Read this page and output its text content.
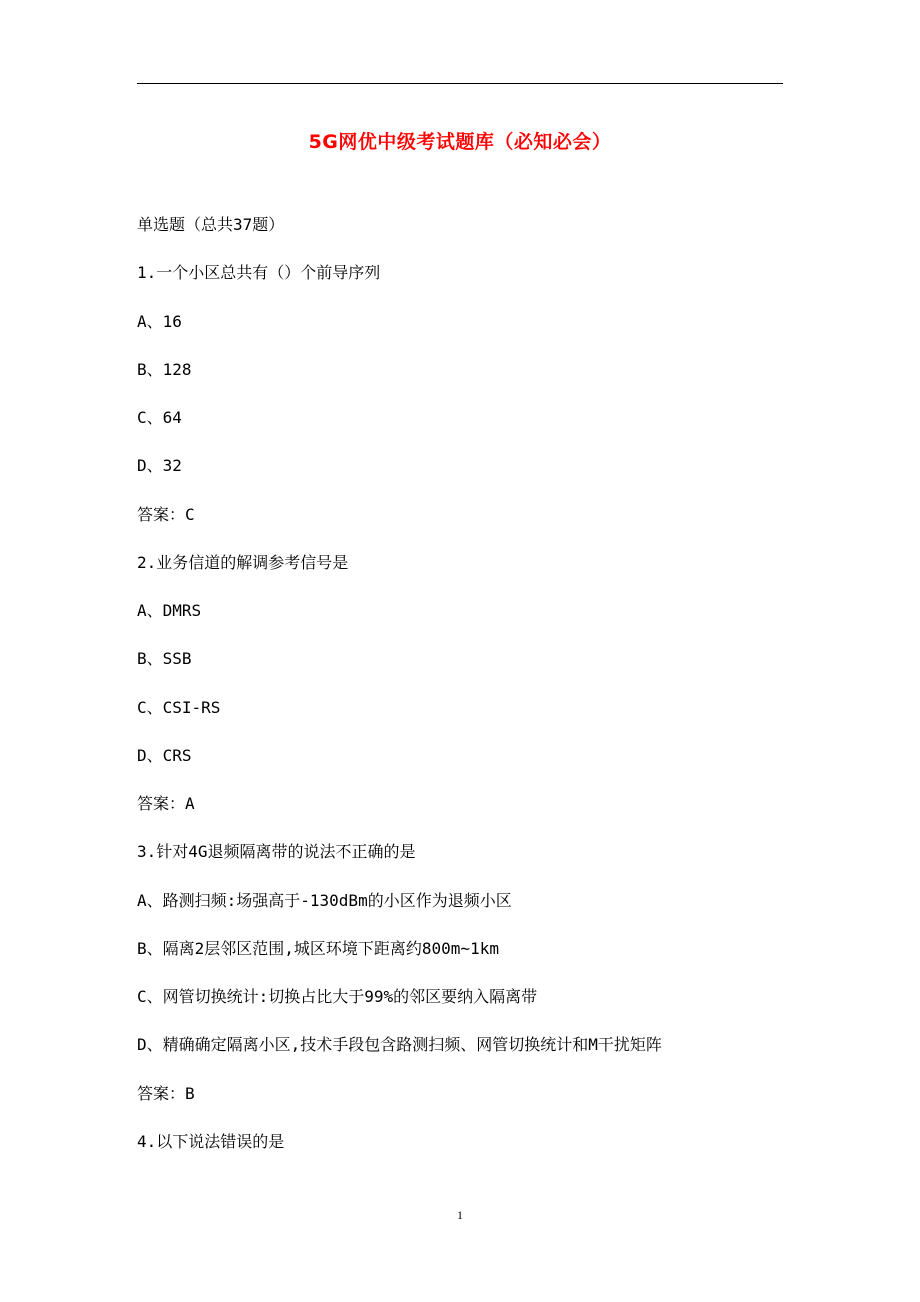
5G网优中级考试题库（必知必会）
单选题（总共37题）
1.一个小区总共有（）个前导序列
A、16
B、128
C、64
D、32
答案：C
2.业务信道的解调参考信号是
A、DMRS
B、SSB
C、CSI-RS
D、CRS
答案：A
3.针对4G退频隔离带的说法不正确的是
A、路测扫频:场强高于-130dBm的小区作为退频小区
B、隔离2层邻区范围,城区环境下距离约800m~1km
C、网管切换统计:切换占比大于99%的邻区要纳入隔离带
D、精确确定隔离小区,技术手段包含路测扫频、网管切换统计和M干扰矩阵
答案：B
4.以下说法错误的是
1
